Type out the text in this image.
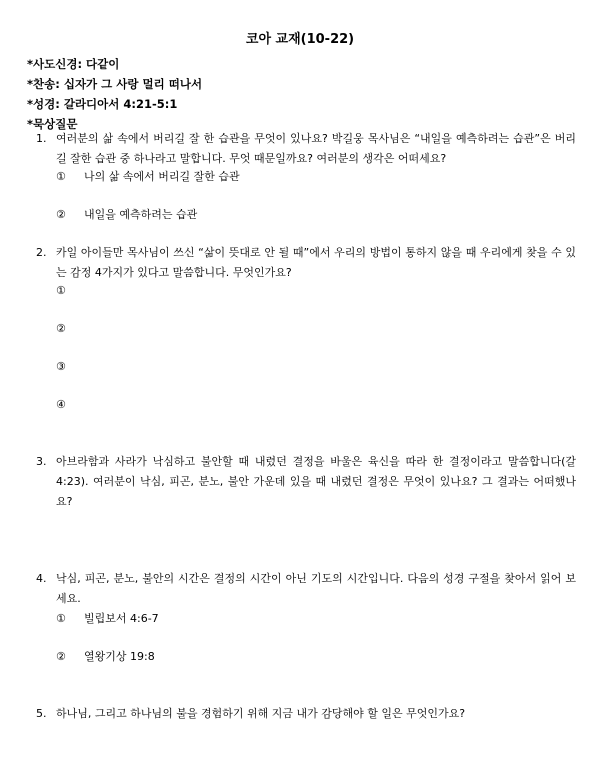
코아 교재(10-22)
*사도신경: 다같이
*찬송: 십자가 그 사랑 멀리 떠나서
*성경: 갈라디아서 4:21-5:1
*묵상질문
1. 여러분의 삶 속에서 버리길 잘 한 습관을 무엇이 있나요? 박길웅 목사님은 “내일을 예측하려는 습관”은 버리길 잘한 습관 중 하나라고 말합니다. 무엇 때문일까요? 여러분의 생각은 어떠세요?
① 나의 삶 속에서 버리길 잘한 습관
② 내일을 예측하려는 습관
2. 카일 아이들만 목사님이 쓰신 “삶이 뜻대로 안 될 때”에서 우리의 방법이 통하지 않을 때 우리에게 찾을 수 있는 감정 4가지가 있다고 말씀합니다. 무엇인가요?
①
②
③
④
3. 아브라함과 사라가 낙심하고 불안할 때 내렸던 결정을 바울은 육신을 따라 한 결정이라고 말씀합니다(갈 4:23). 여러분이 낙심, 피곤, 분노, 불안 가운데 있을 때 내렸던 결정은 무엇이 있나요? 그 결과는 어떠했나요?
4. 낙심, 피곤, 분노, 불안의 시간은 결정의 시간이 아닌 기도의 시간입니다. 다음의 성경 구절을 찾아서 읽어 보세요.
① 빌립보서 4:6-7
② 열왕기상 19:8
5. 하나님, 그리고 하나님의 불을 경험하기 위해 지금 내가 감당해야 할 일은 무엇인가요?
